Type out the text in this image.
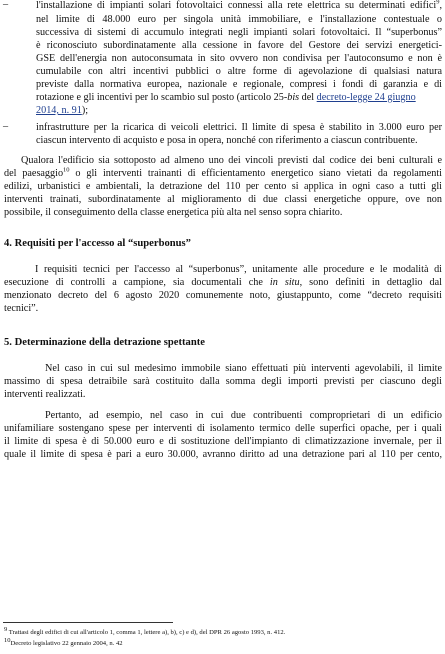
–	l'installazione di impianti solari fotovoltaici connessi alla rete elettrica su determinati edifici$^9$,
nel limite di 48.000 euro per singola unità immobiliare, e l'installazione contestuale o
successiva di sistemi di accumulo integrati negli impianti solari fotovoltaici. Il “superbonus”
è riconosciuto subordinatamente alla cessione in favore del Gestore dei servizi energetici-
GSE dell'energia non autoconsumata in sito ovvero non condivisa per l'autoconsumo e non è
cumulabile con altri incentivi pubblici o altre forme di agevolazione di qualsiasi natura
previste dalla normativa europea, nazionale e regionale, compresi i fondi di garanzia e di
rotazione e gli incentivi per lo scambio sul posto (articolo 25-bis del decreto-legge 24 giugno
2014, n. 91);
–	infrastrutture per la ricarica di veicoli elettrici. Il limite di spesa è stabilito in 3.000 euro per
ciascun intervento di acquisto e posa in opera, nonché con riferimento a ciascun contribuente.
Qualora l'edificio sia sottoposto ad almeno uno dei vincoli previsti dal codice dei beni culturali e
del paesaggio$^{10}$ o gli interventi trainanti di efficientamento energetico siano vietati da regolamenti
edilizi, urbanistici e ambientali, la detrazione del 110 per cento si applica in ogni caso a tutti gli
interventi trainati, subordinatamente al miglioramento di due classi energetiche oppure, ove non
possibile, il conseguimento della classe energetica più alta nel senso sopra chiarito.
4. Requisiti per l'accesso al “superbonus”
I requisiti tecnici per l'accesso al “superbonus”, unitamente alle procedure e le modalità di
esecuzione di controlli a campione, sia documentali che in situ, sono definiti in dettaglio dal
menzionato decreto del 6 agosto 2020 comunemente noto, giustappunto, come “decreto requisiti
tecnici”.
5. Determinazione della detrazione spettante
Nel caso in cui sul medesimo immobile siano effettuati più interventi agevolabili, il limite
massimo di spesa detraibile sarà costituito dalla somma degli importi previsti per ciascuno degli
interventi realizzati.
Pertanto, ad esempio, nel caso in cui due contribuenti comproprietari di un edificio
unifamiliare sostengano spese per interventi di isolamento termico delle superfici opache, per i quali
il limite di spesa è di 50.000 euro e di sostituzione dell'impianto di climatizzazione invernale, per il
quale il limite di spesa è pari a euro 30.000, avranno diritto ad una detrazione pari al 110 per cento,
$^9$ Trattasi degli edifici di cui all'articolo 1, comma 1, lettere a), b), c) e d), del DPR 26 agosto 1993, n. 412.
$^{10}$Decreto legislativo 22 gennaio 2004, n. 42
